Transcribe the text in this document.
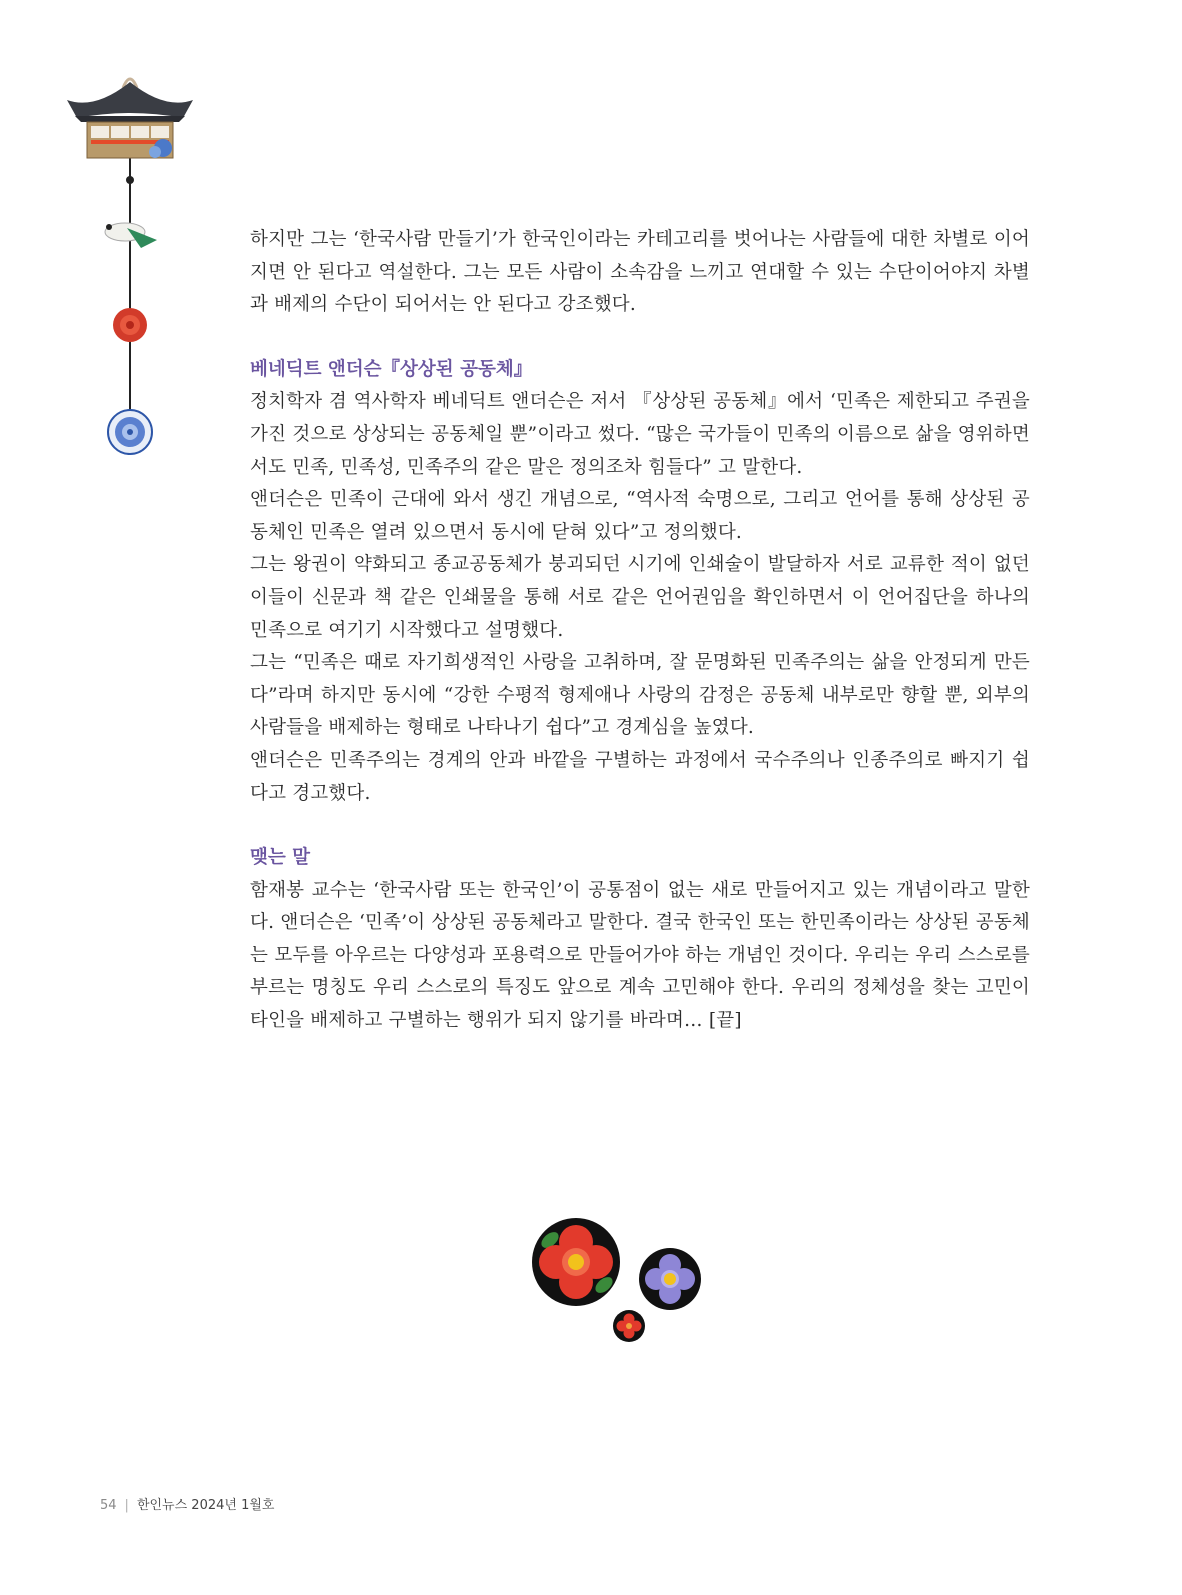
하지만 그는 ‘한국사람 만들기’가 한국인이라는 카테고리를 벗어나는 사람들에 대한 차별로 이어지면 안 된다고 역설한다. 그는 모든 사람이 소속감을 느끼고 연대할 수 있는 수단이어야지 차별과 배제의 수단이 되어서는 안 된다고 강조했다.

베네딕트 앤더슨『상상된 공동체』

정치학자 겸 역사학자 베네딕트 앤더슨은 저서 『상상된 공동체』에서 ‘민족은 제한되고 주권을 가진 것으로 상상되는 공동체일 뿐”이라고 썼다. “많은 국가들이 민족의 이름으로 삶을 영위하면서도 민족, 민족성, 민족주의 같은 말은 정의조차 힘들다” 고 말한다.

앤더슨은 민족이 근대에 와서 생긴 개념으로, “역사적 숙명으로, 그리고 언어를 통해 상상된 공동체인 민족은 열려 있으면서 동시에 닫혀 있다”고 정의했다.

그는 왕권이 약화되고 종교공동체가 붕괴되던 시기에 인쇄술이 발달하자 서로 교류한 적이 없던 이들이 신문과 책 같은 인쇄물을 통해 서로 같은 언어권임을 확인하면서 이 언어집단을 하나의 민족으로 여기기 시작했다고 설명했다.

그는 “민족은 때로 자기희생적인 사랑을 고취하며, 잘 문명화된 민족주의는 삶을 안정되게 만든다”라며 하지만 동시에 “강한 수평적 형제애나 사랑의 감정은 공동체 내부로만 향할 뿐, 외부의 사람들을 배제하는 형태로 나타나기 쉽다”고 경계심을 높였다.

앤더슨은 민족주의는 경계의 안과 바깥을 구별하는 과정에서 국수주의나 인종주의로 빠지기 쉽다고 경고했다.

맺는 말

함재봉 교수는 ‘한국사람 또는 한국인’이 공통점이 없는 새로 만들어지고 있는 개념이라고 말한다. 앤더슨은 ‘민족’이 상상된 공동체라고 말한다. 결국 한국인 또는 한민족이라는 상상된 공동체는 모두를 아우르는 다양성과 포용력으로 만들어가야 하는 개념인 것이다. 우리는 우리 스스로를 부르는 명칭도 우리 스스로의 특징도 앞으로 계속 고민해야 한다. 우리의 정체성을 찾는 고민이 타인을 배제하고 구별하는 행위가 되지 않기를 바라며… [끝]

54 | 한인뉴스 2024년 1월호
